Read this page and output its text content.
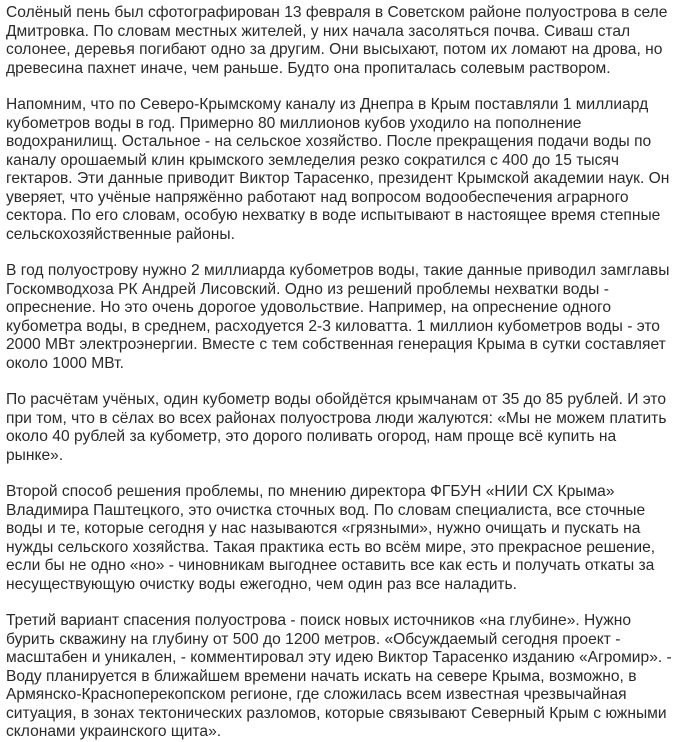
Солёный пень был сфотографирован 13 февраля в Советском районе полуострова в селе Дмитровка. По словам местных жителей, у них начала засоляться почва. Сиваш стал солонее, деревья погибают одно за другим. Они высыхают, потом их ломают на дрова, но древесина пахнет иначе, чем раньше. Будто она пропиталась солевым раствором.

Напомним, что по Северо-Крымскому каналу из Днепра в Крым поставляли 1 миллиард кубометров воды в год. Примерно 80 миллионов кубов уходило на пополнение водохранилищ. Остальное - на сельское хозяйство. После прекращения подачи воды по каналу орошаемый клин крымского земледелия резко сократился с 400 до 15 тысяч гектаров. Эти данные приводит Виктор Тарасенко, президент Крымской академии наук. Он уверяет, что учёные напряжённо работают над вопросом водообеспечения аграрного сектора. По его словам, особую нехватку в воде испытывают в настоящее время степные сельскохозяйственные районы.

В год полуострову нужно 2 миллиарда кубометров воды, такие данные приводил замглавы Госкомводхоза РК Андрей Лисовский. Одно из решений проблемы нехватки воды - опреснение. Но это очень дорогое удовольствие. Например, на опреснение одного кубометра воды, в среднем, расходуется 2-3 киловатта. 1 миллион кубометров воды - это 2000 МВт электроэнергии. Вместе с тем собственная генерация Крыма в сутки составляет около 1000 МВт.

По расчётам учёных, один кубометр воды обойдётся крымчанам от 35 до 85 рублей. И это при том, что в сёлах во всех районах полуострова люди жалуются: «Мы не можем платить около 40 рублей за кубометр, это дорого поливать огород, нам проще всё купить на рынке».

Второй способ решения проблемы, по мнению директора ФГБУН «НИИ СХ Крыма» Владимира Паштецкого, это очистка сточных вод. По словам специалиста, все сточные воды и те, которые сегодня у нас называются «грязными», нужно очищать и пускать на нужды сельского хозяйства. Такая практика есть во всём мире, это прекрасное решение, если бы не одно «но» - чиновникам выгоднее оставить все как есть и получать откаты за несуществующую очистку воды ежегодно, чем один раз все наладить.

Третий вариант спасения полуострова - поиск новых источников «на глубине». Нужно бурить скважину на глубину от 500 до 1200 метров. «Обсуждаемый сегодня проект - масштабен и уникален, - комментировал эту идею Виктор Тарасенко изданию «Агромир». - Воду планируется в ближайшем времени начать искать на севере Крыма, возможно, в Армянско-Красноперекопском регионе, где сложилась всем известная чрезвычайная ситуация, в зонах тектонических разломов, которые связывают Северный Крым с южными склонами украинского щита».
